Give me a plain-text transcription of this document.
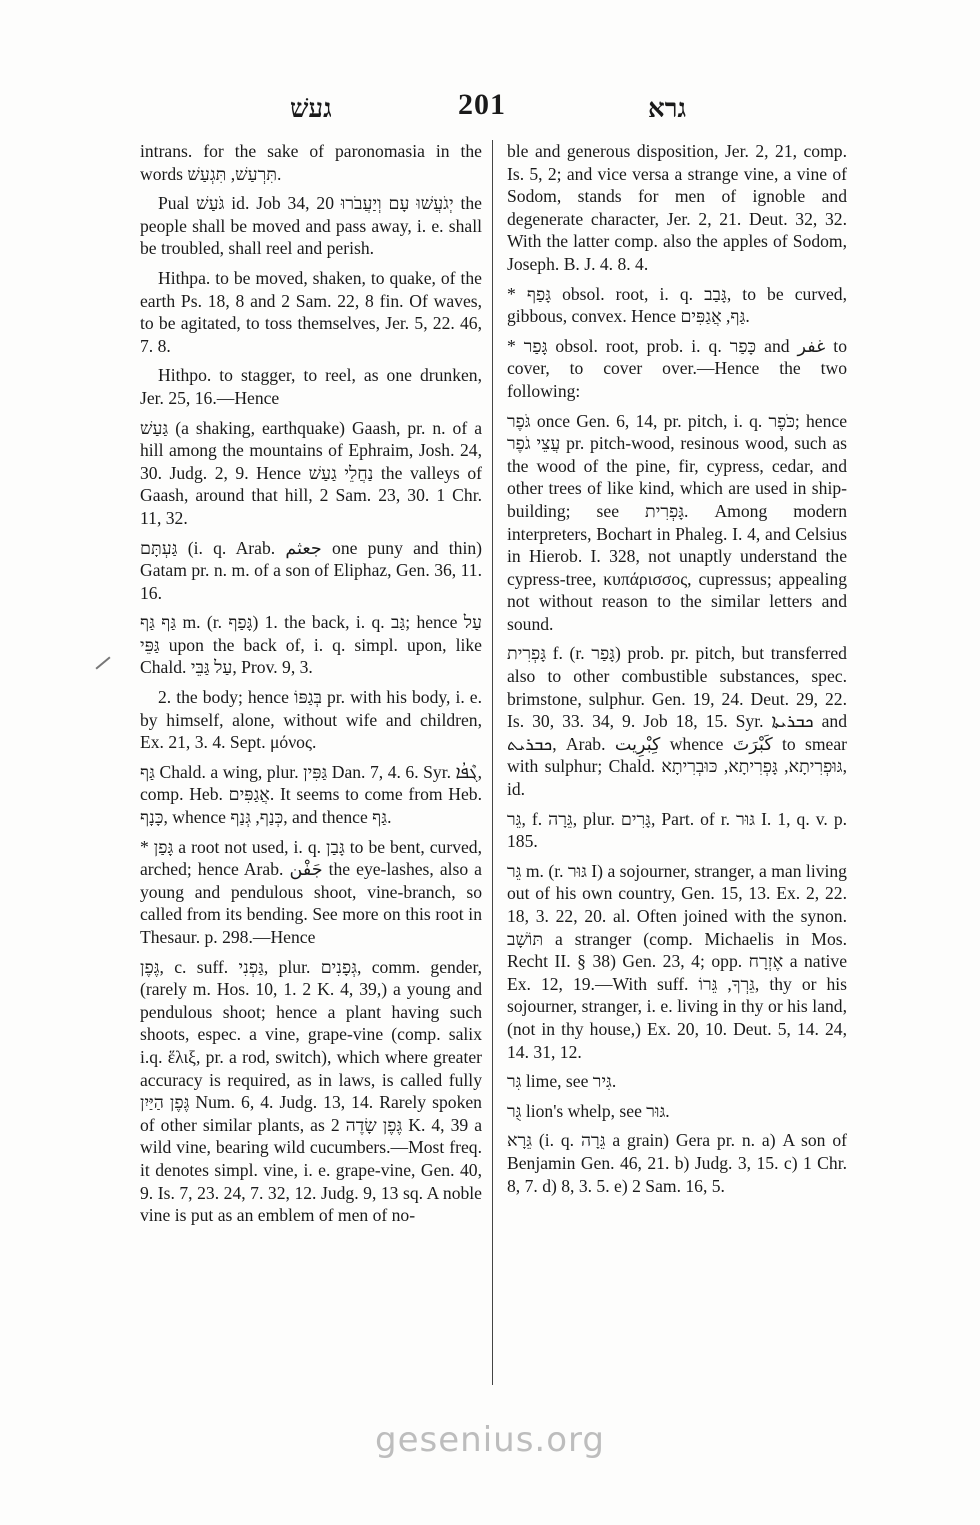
געשׁ	201	גרא

intrans. for the sake of paronomasia in the words תִּרְעַשׁ, תִּגְעַשׁ.

Pual גֹּעַשׁ id. Job 34, 20 יְגֹעֲשׁוּ עָם וְיַעֲבֹרוּ the people shall be moved and pass away, i. e. shall be troubled, shall reel and perish.

Hithpa. to be moved, shaken, to quake, of the earth Ps. 18, 8 and 2 Sam. 22, 8 fin. Of waves, to be agitated, to toss themselves, Jer. 5, 22. 46, 7. 8.

Hithpo. to stagger, to reel, as one drunken, Jer. 25, 16.—Hence

גַּעַשׁ (a shaking, earthquake) Gaash, pr. n. of a hill among the mountains of Ephraim, Josh. 24, 30. Judg. 2, 9. Hence נַחֲלֵי גַעַשׁ the valleys of Gaash, around that hill, 2 Sam. 23, 30. 1 Chr. 11, 32.

גַּעְתָּם (i. q. Arab. جعثم one puny and thin) Gatam pr. n. m. of a son of Eliphaz, Gen. 36, 11. 16.

גַּף גַּף m. (r. גָּפַף) 1. the back, i. q. גַּב; hence עַל גַּפֵּי upon the back of, i. q. simpl. upon, like Chald. עַל גַּבֵּי, Prov. 9, 3.

2. the body; hence בְּגַפּוֹ pr. with his body, i. e. by himself, alone, without wife and children, Ex. 21, 3. 4. Sept. μόνος.

גַּף Chald. a wing, plur. גַּפִּין Dan. 7, 4. 6. Syr. ܓܶܦܳܐ, comp. Heb. אֲגַפִּים. It seems to come from Heb. כָּנָף, whence כְּנַף, גְּנַף, and thence גַּף.

* גָּפַן a root not used, i. q. גָּבַן to be bent, curved, arched; hence Arab. جَفْن the eye-lashes, also a young and pendulous shoot, vine-branch, so called from its bending. See more on this root in Thesaur. p. 298.—Hence

גֶּפֶן, c. suff. גַּפְנִי, plur. גְּפָנִים, comm. gender, (rarely m. Hos. 10, 1. 2 K. 4, 39,) a young and pendulous shoot; hence a plant having such shoots, espec. a vine, grape-vine (comp. salix i.q. ἕλιξ, pr. a rod, switch), which where greater accuracy is required, as in laws, is called fully גֶּפֶן הַיַּיִן Num. 6, 4. Judg. 13, 14. Rarely spoken of other similar plants, as גֶּפֶן שָׂדֶה 2 K. 4, 39 a wild vine, bearing wild cucumbers.—Most freq. it denotes simpl. vine, i. e. grape-vine, Gen. 40, 9. Is. 7, 23. 24, 7. 32, 12. Judg. 9, 13 sq. A noble vine is put as an emblem of men of no-

ble and generous disposition, Jer. 2, 21, comp. Is. 5, 2; and vice versa a strange vine, a vine of Sodom, stands for men of ignoble and degenerate character, Jer. 2, 21. Deut. 32, 32. With the latter comp. also the apples of Sodom, Joseph. B. J. 4. 8. 4.

* גָּפַף obsol. root, i. q. גָּבַב, to be curved, gibbous, convex. Hence גַּף, אֲגַפִּים.

* גָּפַר obsol. root, prob. i. q. כָּפַר and غفر to cover, to cover over.—Hence the two following:

גֹּפֶר once Gen. 6, 14, pr. pitch, i. q. כֹּפֶר; hence עֲצֵי גֹפֶר pr. pitch-wood, resinous wood, such as the wood of the pine, fir, cypress, cedar, and other trees of like kind, which are used in ship-building; see גָּפְרִית. Among modern interpreters, Bochart in Phaleg. I. 4, and Celsius in Hierob. I. 328, not unaptly understand the cypress-tree, κυπάρισσος, cupressus; appealing not without reason to the similar letters and sound.

גָּפְרִית f. (r. גָּפַר) prob. pr. pitch, but transferred also to other combustible substances, spec. brimstone, sulphur. Gen. 19, 24. Deut. 29, 22. Is. 30, 33. 34, 9. Job 18, 15. Syr. ܟܒܪܝܬܐ and ܟܒܪܝܬ, Arab. كِبْرِيت whence كَبْرَتَ to smear with sulphur; Chald. גּוּפְרִיתָא, גָּפְרִיתָא, כּוּבְרִיתָא, id.

גֵּר, f. גֵּרָה, plur. גָּרִים, Part. of r. גּוּר I. 1, q. v. p. 185.

גֵּר m. (r. גּוּר I) a sojourner, stranger, a man living out of his own country, Gen. 15, 13. Ex. 2, 22. 18, 3. 22, 20. al. Often joined with the synon. תּוֹשָׁב a stranger (comp. Michaelis in Mos. Recht II. § 38) Gen. 23, 4; opp. אֶזְרָח a native Ex. 12, 19.—With suff. גֵּרְךָ, גֵּרוֹ, thy or his sojourner, stranger, i. e. living in thy or his land, (not in thy house,) Ex. 20, 10. Deut. 5, 14. 24, 14. 31, 12.

גִּר lime, see גִּיר.

גֻּר lion's whelp, see גּוּר.

גֵּרָא (i. q. גֵּרָה a grain) Gera pr. n. a) A son of Benjamin Gen. 46, 21. b) Judg. 3, 15. c) 1 Chr. 8, 7. d) 8, 3. 5. e) 2 Sam. 16, 5.

gesenius.org
